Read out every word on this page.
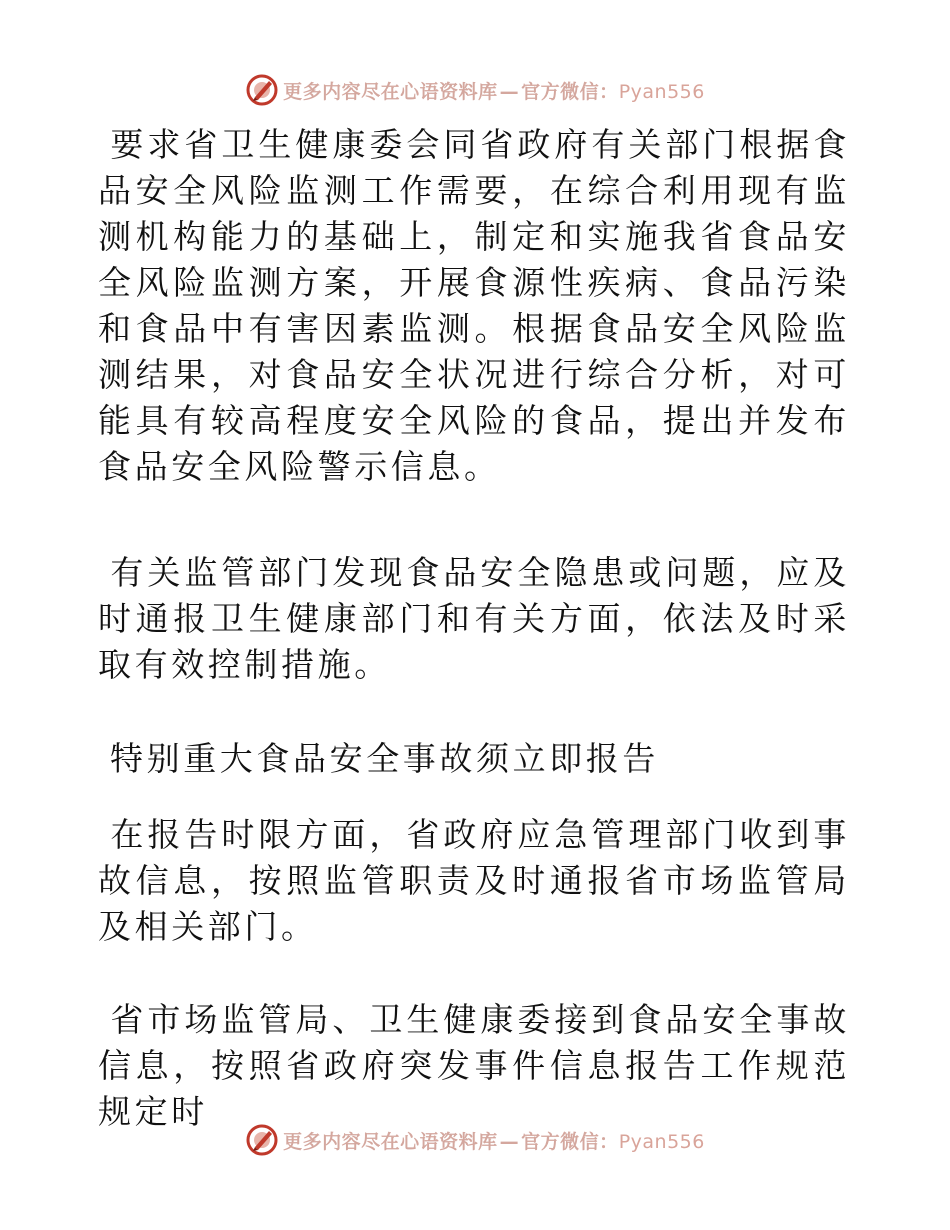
更多内容尽在心语资料库 — 官方微信：Pyan556

要求省卫生健康委会同省政府有关部门根据食品安全风险监测工作需要，在综合利用现有监测机构能力的基础上，制定和实施我省食品安全风险监测方案，开展食源性疾病、食品污染和食品中有害因素监测。根据食品安全风险监测结果，对食品安全状况进行综合分析，对可能具有较高程度安全风险的食品，提出并发布食品安全风险警示信息。

有关监管部门发现食品安全隐患或问题，应及时通报卫生健康部门和有关方面，依法及时采取有效控制措施。

特别重大食品安全事故须立即报告

在报告时限方面，省政府应急管理部门收到事故信息，按照监管职责及时通报省市场监管局及相关部门。

省市场监管局、卫生健康委接到食品安全事故信息，按照省政府突发事件信息报告工作规范规定时

更多内容尽在心语资料库 — 官方微信：Pyan556
